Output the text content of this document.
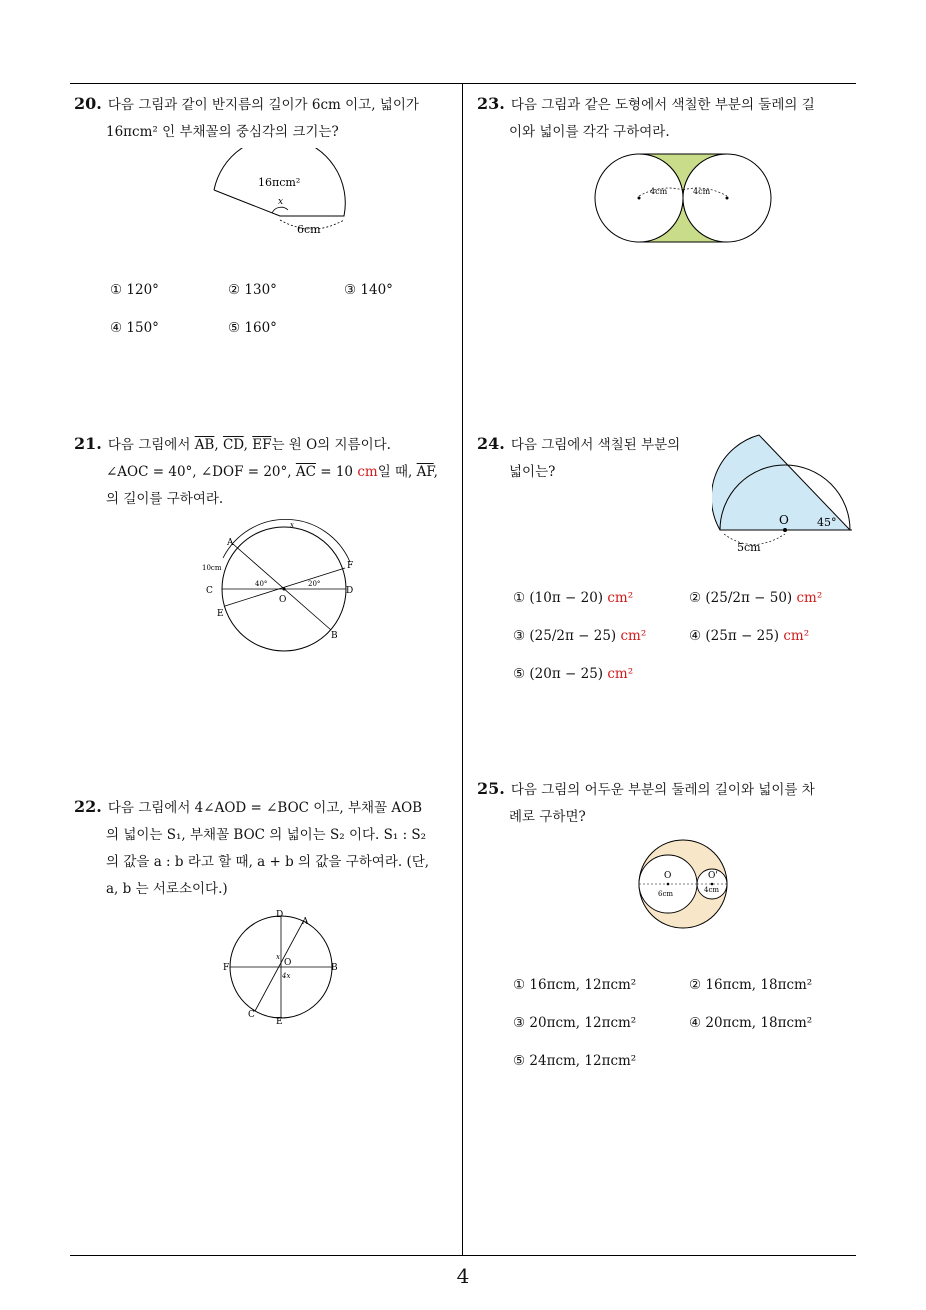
20. 다음 그림과 같이 반지름의 길이가 6cm 이고, 넓이가
16πcm² 인 부채꼴의 중심각의 크기는?
16πcm²
x
6cm
① 120°	② 130°	③ 140°
④ 150°	⑤ 160°
21. 다음 그림에서 $\overline{AB}$, $\overline{CD}$, $\overline{EF}$는 원 O의 지름이다.
∠AOC = 40°, ∠DOF = 20°, $\overline{AC} = 10$ cm일 때, $\overline{AF}$,
의 길이를 구하여라.
A
B
C	D
E
F
O
10cm
40°	20°
x
22. 다음 그림에서 4∠AOD = ∠BOC 이고, 부채꼴 AOB
의 넓이는 S₁, 부채꼴 BOC 의 넓이는 S₂ 이다. S₁ : S₂
의 값을 a : b 라고 할 때, a + b 의 값을 구하여라. (단,
a, b 는 서로소이다.)
D
A
F	B
C
E
O
x
4x
23. 다음 그림과 같은 도형에서 색칠한 부분의 둘레의 길
이와 넓이를 각각 구하여라.
4cm	4cm
24. 다음 그림에서 색칠된 부분의
넓이는?
O	45°
5cm
① (10π − 20) cm²	② (25/2π − 50) cm²
③ (25/2π − 25) cm²	④ (25π − 25) cm²
⑤ (20π − 25) cm²
25. 다음 그림의 어두운 부분의 둘레의 길이와 넓이를 차
례로 구하면?
O	O'
6cm	4cm
① 16πcm, 12πcm²	② 16πcm, 18πcm²
③ 20πcm, 12πcm²	④ 20πcm, 18πcm²
⑤ 24πcm, 12πcm²
4
